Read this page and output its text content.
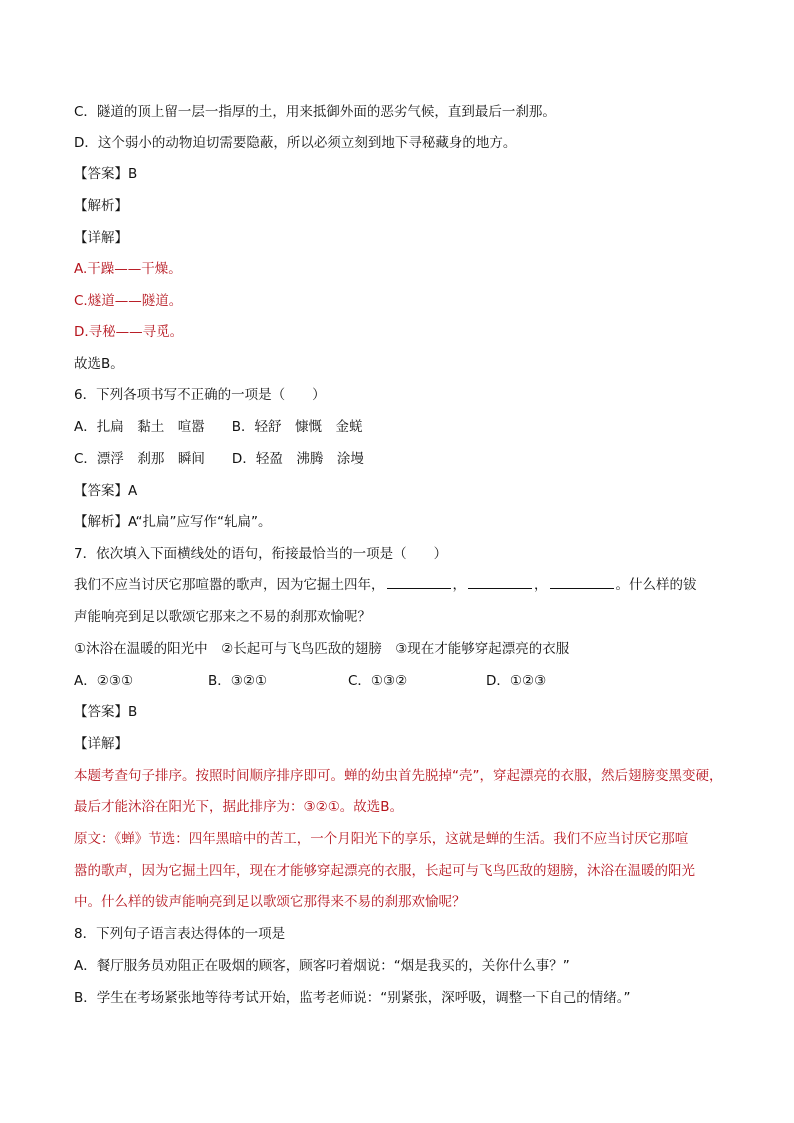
C．隧道的顶上留一层一指厚的土，用来抵御外面的恶劣气候，直到最后一刹那。
D．这个弱小的动物迫切需要隐蔽，所以必须立刻到地下寻秘藏身的地方。
【答案】B
【解析】
【详解】
A.干躁——干燥。
C.燧道——隧道。
D.寻秘——寻觅。
故选B。
6．下列各项书写不正确的一项是（　　）
A．扎扁　黏土　喧嚣　　B．轻舒　慷慨　金蜣
C．漂浮　刹那　瞬间　　D．轻盈　沸腾　涂墁
【答案】A
【解析】A“扎扁”应写作“轧扁”。
7．依次填入下面横线处的语句，衔接最恰当的一项是（　　）
我们不应当讨厌它那喧嚣的歌声，因为它掘土四年，	，	，	。什么样的钹
声能响亮到足以歌颂它那来之不易的刹那欢愉呢？
①沐浴在温暖的阳光中　②长起可与飞鸟匹敌的翅膀　③现在才能够穿起漂亮的衣服
A．②③①	B．③②①	C．①③②	D．①②③
【答案】B
【详解】
本题考查句子排序。按照时间顺序排序即可。蝉的幼虫首先脱掉“壳”，穿起漂亮的衣服，然后翅膀变黑变硬，
最后才能沐浴在阳光下，据此排序为：③②①。故选B。
原文：《蝉》节选：四年黑暗中的苦工，一个月阳光下的享乐，这就是蝉的生活。我们不应当讨厌它那喧
嚣的歌声，因为它掘土四年，现在才能够穿起漂亮的衣服，长起可与飞鸟匹敌的翅膀，沐浴在温暖的阳光
中。什么样的钹声能响亮到足以歌颂它那得来不易的刹那欢愉呢？
8．下列句子语言表达得体的一项是
A．餐厅服务员劝阻正在吸烟的顾客，顾客叼着烟说：“烟是我买的，关你什么事？”
B．学生在考场紧张地等待考试开始，监考老师说：“别紧张，深呼吸，调整一下自己的情绪。”
